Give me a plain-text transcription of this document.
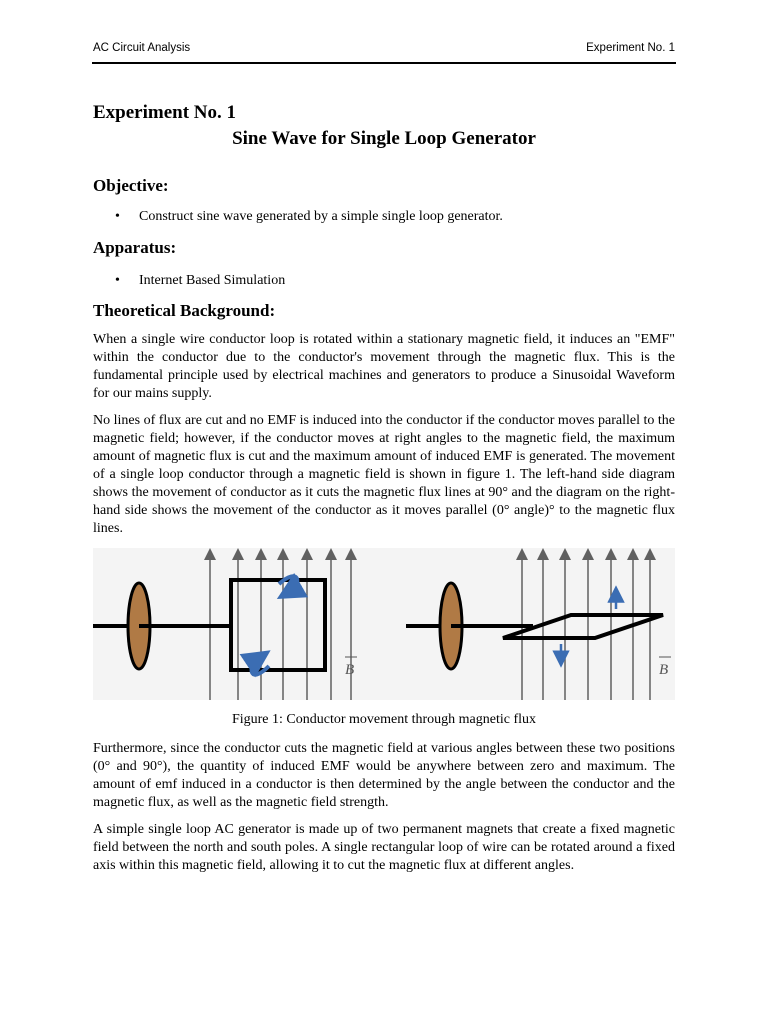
AC Circuit Analysis	Experiment No. 1
Experiment No. 1
Sine Wave for Single Loop Generator
Objective:
• Construct sine wave generated by a simple single loop generator.
Apparatus:
• Internet Based Simulation
Theoretical Background:

When a single wire conductor loop is rotated within a stationary magnetic field, it induces an "EMF" within the conductor due to the conductor's movement through the magnetic flux. This is the fundamental principle used by electrical machines and generators to produce a Sinusoidal Waveform for our mains supply.

No lines of flux are cut and no EMF is induced into the conductor if the conductor moves parallel to the magnetic field; however, if the conductor moves at right angles to the magnetic field, the maximum amount of magnetic flux is cut and the maximum amount of induced EMF is generated. The movement of a single loop conductor through a magnetic field is shown in figure 1. The left-hand side diagram shows the movement of conductor as it cuts the magnetic flux lines at 90° and the diagram on the right-hand side shows the movement of the conductor as it moves parallel (0° angle)° to the magnetic flux lines.

B	B
Figure 1: Conductor movement through magnetic flux

Furthermore, since the conductor cuts the magnetic field at various angles between these two positions (0° and 90°), the quantity of induced EMF would be anywhere between zero and maximum. The amount of emf induced in a conductor is then determined by the angle between the conductor and the magnetic flux, as well as the magnetic field strength.

A simple single loop AC generator is made up of two permanent magnets that create a fixed magnetic field between the north and south poles. A single rectangular loop of wire can be rotated around a fixed axis within this magnetic field, allowing it to cut the magnetic flux at different angles.
